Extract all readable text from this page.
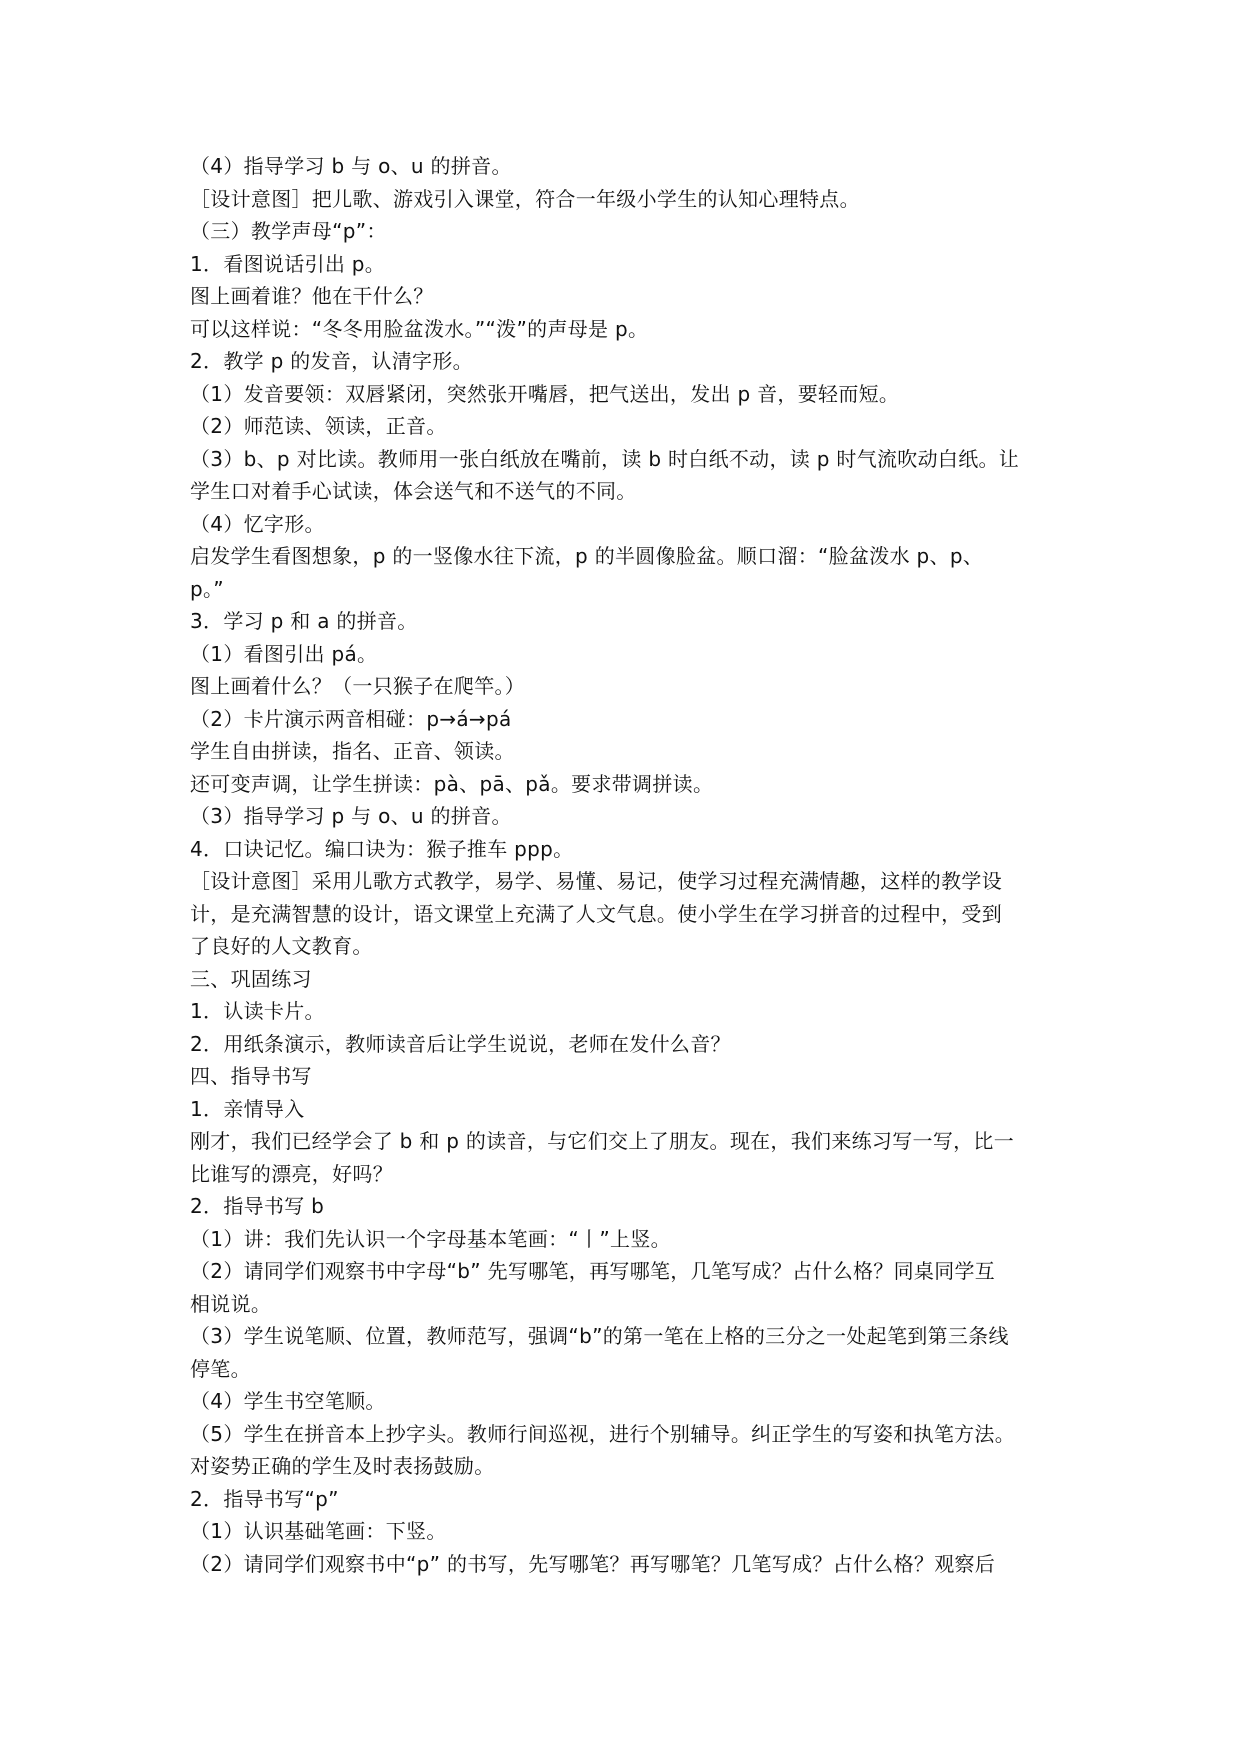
（4）指导学习 b 与 o、u 的拼音。
［设计意图］把儿歌、游戏引入课堂，符合一年级小学生的认知心理特点。
（三）教学声母“p”：
1．看图说话引出 p。
图上画着谁？他在干什么？
可以这样说：“冬冬用脸盆泼水。”“泼”的声母是 p。
2．教学 p 的发音，认清字形。
（1）发音要领：双唇紧闭，突然张开嘴唇，把气送出，发出 p 音，要轻而短。
（2）师范读、领读，正音。
（3）b、p 对比读。教师用一张白纸放在嘴前，读 b 时白纸不动，读 p 时气流吹动白纸。让
学生口对着手心试读，体会送气和不送气的不同。
（4）忆字形。
启发学生看图想象，p 的一竖像水往下流，p 的半圆像脸盆。顺口溜：“脸盆泼水 p、p、
p。”
3．学习 p 和 a 的拼音。
（1）看图引出 pá。
图上画着什么？（一只猴子在爬竿。）
（2）卡片演示两音相碰：p→á→pá
学生自由拼读，指名、正音、领读。
还可变声调，让学生拼读：pà、pā、pǎ。要求带调拼读。
（3）指导学习 p 与 o、u 的拼音。
4．口诀记忆。编口诀为：猴子推车 ppp。
［设计意图］采用儿歌方式教学，易学、易懂、易记，使学习过程充满情趣，这样的教学设
计，是充满智慧的设计，语文课堂上充满了人文气息。使小学生在学习拼音的过程中，受到
了良好的人文教育。
三、巩固练习
1．认读卡片。
2．用纸条演示，教师读音后让学生说说，老师在发什么音？
四、指导书写
1．亲情导入
刚才，我们已经学会了 b 和 p 的读音，与它们交上了朋友。现在，我们来练习写一写，比一
比谁写的漂亮，好吗？
2．指导书写 b
（1）讲：我们先认识一个字母基本笔画：“丨”上竖。
（2）请同学们观察书中字母“b” 先写哪笔，再写哪笔，几笔写成？占什么格？同桌同学互
相说说。
（3）学生说笔顺、位置，教师范写，强调“b”的第一笔在上格的三分之一处起笔到第三条线
停笔。
（4）学生书空笔顺。
（5）学生在拼音本上抄字头。教师行间巡视，进行个别辅导。纠正学生的写姿和执笔方法。
对姿势正确的学生及时表扬鼓励。
2．指导书写“p”
（1）认识基础笔画：下竖。
（2）请同学们观察书中“p” 的书写，先写哪笔？再写哪笔？几笔写成？占什么格？观察后
